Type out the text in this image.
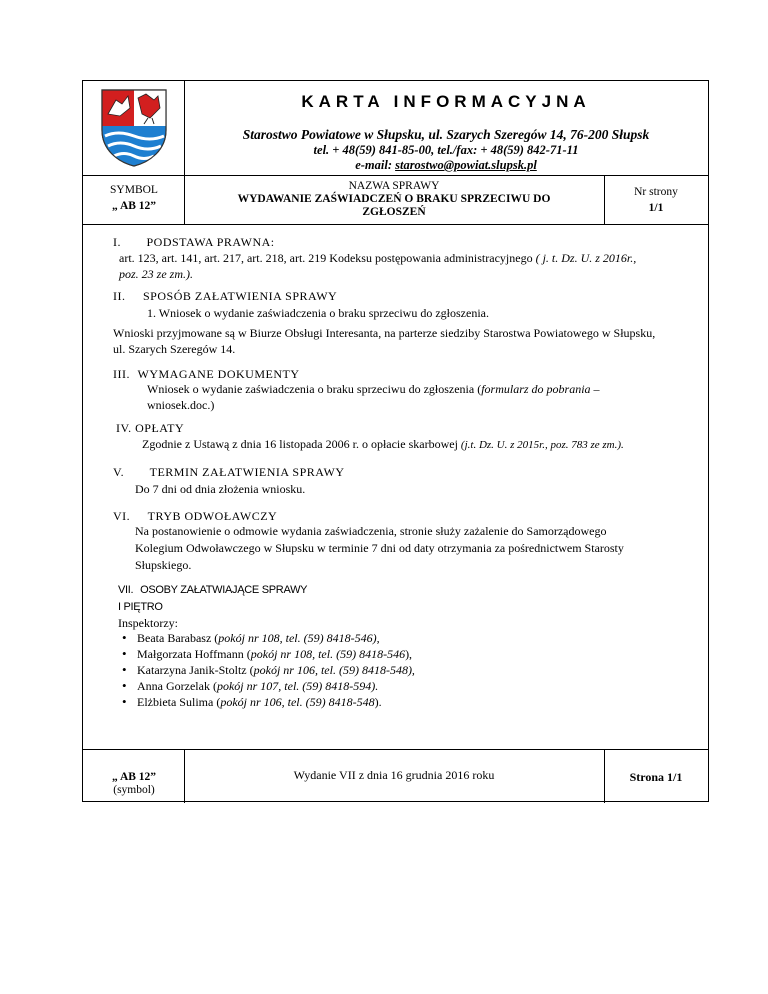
KARTA INFORMACYJNA
Starostwo Powiatowe w Słupsku, ul. Szarych Szeregów 14, 76-200 Słupsk
tel. + 48(59) 841-85-00, tel./fax: + 48(59) 842-71-11
e-mail: starostwo@powiat.slupsk.pl
SYMBOL
„ AB 12”
NAZWA SPRAWY
WYDAWANIE ZAŚWIADCZEŃ O BRAKU SPRZECIWU DO
ZGŁOSZEŃ
Nr strony
1/1
I. PODSTAWA PRAWNA:
art. 123, art. 141, art. 217, art. 218, art. 219 Kodeksu postępowania administracyjnego ( j. t. Dz. U. z 2016r.,
poz. 23 ze zm.).
II. SPOSÓB ZAŁATWIENIA SPRAWY
1. Wniosek o wydanie zaświadczenia o braku sprzeciwu do zgłoszenia.
Wnioski przyjmowane są w Biurze Obsługi Interesanta, na parterze siedziby Starostwa Powiatowego w Słupsku,
ul. Szarych Szeregów 14.
III. WYMAGANE DOKUMENTY
Wniosek o wydanie zaświadczenia o braku sprzeciwu do zgłoszenia (formularz do pobrania –
wniosek.doc.)
IV. OPŁATY
Zgodnie z Ustawą z dnia 16 listopada 2006 r. o opłacie skarbowej (j.t. Dz. U. z 2015r., poz. 783 ze zm.).
V. TERMIN ZAŁATWIENIA SPRAWY
Do 7 dni od dnia złożenia wniosku.
VI. TRYB ODWOŁAWCZY
Na postanowienie o odmowie wydania zaświadczenia, stronie służy zażalenie do Samorządowego
Kolegium Odwoławczego w Słupsku w terminie 7 dni od daty otrzymania za pośrednictwem Starosty
Słupskiego.
VII. OSOBY ZAŁATWIAJĄCE SPRAWY
I PIĘTRO
Inspektorzy:
• Beata Barabasz (pokój nr 108, tel. (59) 8418-546),
• Małgorzata Hoffmann (pokój nr 108, tel. (59) 8418-546),
• Katarzyna Janik-Stoltz (pokój nr 106, tel. (59) 8418-548),
• Anna Gorzelak (pokój nr 107, tel. (59) 8418-594).
• Elżbieta Sulima (pokój nr 106, tel. (59) 8418-548).
„ AB 12”
(symbol)
Wydanie VII z dnia 16 grudnia 2016 roku	Strona 1/1
